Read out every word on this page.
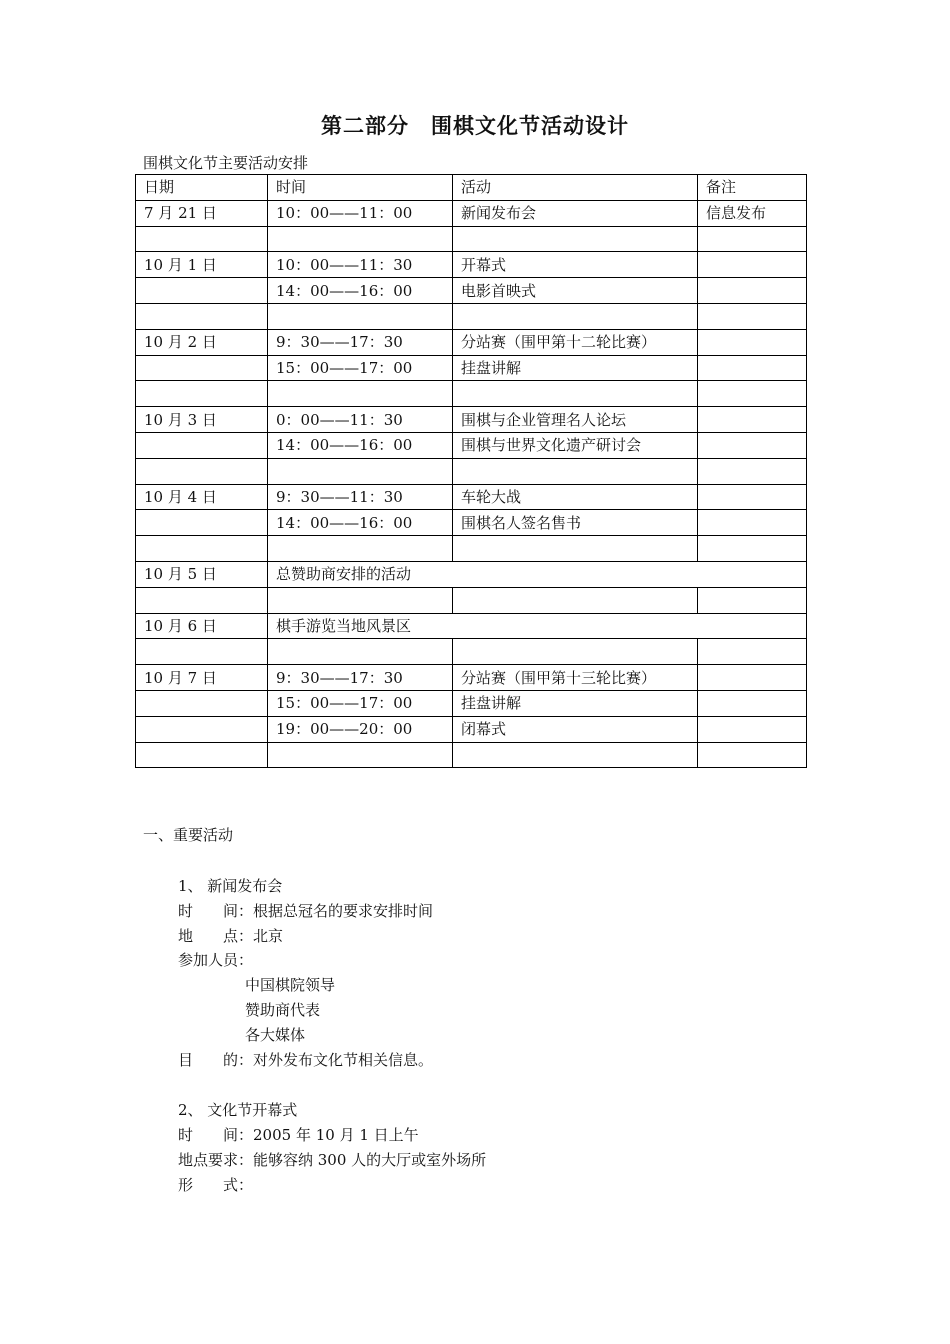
第二部分　围棋文化节活动设计
围棋文化节主要活动安排
日期	时间	活动	备注
7 月 21 日	10：00——11：00	新闻发布会	信息发布

10 月 1 日	10：00——11：30	开幕式	
	14：00——16：00	电影首映式	

10 月 2 日	9：30——17：30	分站赛（围甲第十二轮比赛）	
	15：00——17：00	挂盘讲解	

10 月 3 日	0：00——11：30	围棋与企业管理名人论坛	
	14：00——16：00	围棋与世界文化遗产研讨会	

10 月 4 日	9：30——11：30	车轮大战	
	14：00——16：00	围棋名人签名售书	

10 月 5 日	总赞助商安排的活动		

10 月 6 日	棋手游览当地风景区		

10 月 7 日	9：30——17：30	分站赛（围甲第十三轮比赛）	
	15：00——17：00	挂盘讲解	
	19：00——20：00	闭幕式	

一、重要活动
1、 新闻发布会
时　　间：根据总冠名的要求安排时间
地　　点：北京
参加人员：
中国棋院领导
赞助商代表
各大媒体
目　　的：对外发布文化节相关信息。
2、 文化节开幕式
时　　间：2005 年 10 月 1 日上午
地点要求：能够容纳 300 人的大厅或室外场所
形　　式：
